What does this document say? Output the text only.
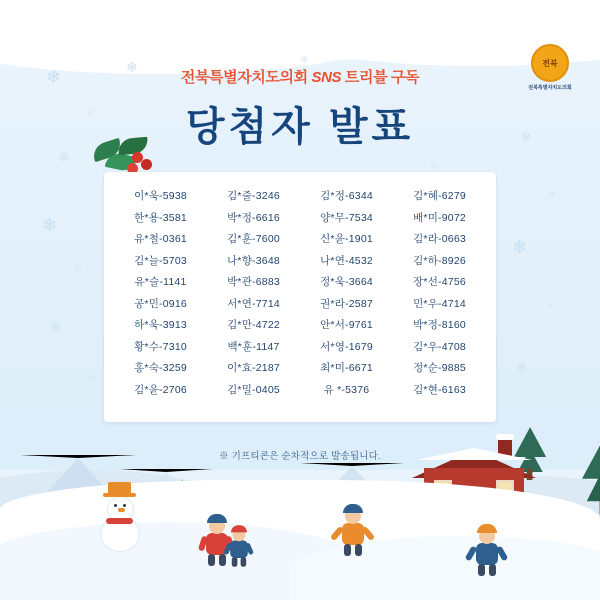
❄	❄
❄
❄
❄
❄
❄
❄
❄
❄
❄
❄
❄
❄
❄
전북
전북특별자치도의회
전북특별자치도의회 SNS 트리블 구독
당첨자 발표
이*욱-5938
한*용-3581
유*철-0361
김*늘-5703
유*슬-1141
공*민-0916
하*욱-3913
황*수-7310
홍*숙-3259
김*윤-2706
김*줄-3246
박*정-6616
김*훈-7600
나*향-3648
박*관-6883
서*연-7714
김*만-4722
백*훈-1147
이*효-2187
김*밀-0405
김*정-6344
양*무-7534
신*윤-1901
나*연-4532
정*욱-3664
권*라-2587
안*서-9761
서*영-1679
최*미-6671
유 *-5376
김*혜-6279
배*미-9072
김*라-0663
김*하-8926
장*선-4756
민*우-4714
박*정-8160
김*우-4708
정*순-9885
김*현-6163
※ 기프티콘은 순차적으로 발송됩니다.
